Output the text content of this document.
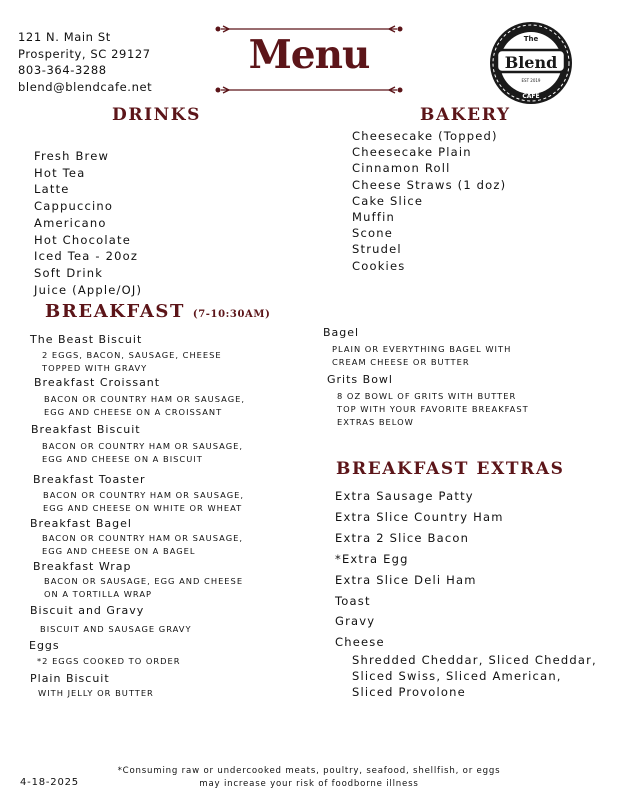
121 N. Main St
Prosperity, SC 29127
803-364-3288
blend@blendcafe.net
Menu	The
Blend
EST 2019
CAFE
DRINKS
Fresh Brew
Hot Tea
Latte
Cappuccino
Americano
Hot Chocolate
Iced Tea - 20oz
Soft Drink
Juice (Apple/OJ)
BAKERY
Cheesecake (Topped)
Cheesecake Plain
Cinnamon Roll
Cheese Straws (1 doz)
Cake Slice
Muffin
Scone
Strudel
Cookies
BREAKFAST (7-10:30AM)
The Beast Biscuit
2 EGGS, BACON, SAUSAGE, CHEESE
TOPPED WITH GRAVY
Breakfast Croissant
BACON OR COUNTRY HAM OR SAUSAGE,
EGG AND CHEESE ON A CROISSANT
Breakfast Biscuit
BACON OR COUNTRY HAM OR SAUSAGE,
EGG AND CHEESE ON A BISCUIT
Breakfast Toaster
BACON OR COUNTRY HAM OR SAUSAGE,
EGG AND CHEESE ON WHITE OR WHEAT
Breakfast Bagel
BACON OR COUNTRY HAM OR SAUSAGE,
EGG AND CHEESE ON A BAGEL
Breakfast Wrap
BACON OR SAUSAGE, EGG AND CHEESE
ON A TORTILLA WRAP
Biscuit and Gravy
BISCUIT AND SAUSAGE GRAVY
Eggs
*2 EGGS COOKED TO ORDER
Plain Biscuit
WITH JELLY OR BUTTER
Bagel
PLAIN OR EVERYTHING BAGEL WITH
CREAM CHEESE OR BUTTER
Grits Bowl
8 OZ BOWL OF GRITS WITH BUTTER
TOP WITH YOUR FAVORITE BREAKFAST
EXTRAS BELOW
BREAKFAST EXTRAS
Extra Sausage Patty
Extra Slice Country Ham
Extra 2 Slice Bacon
*Extra Egg
Extra Slice Deli Ham
Toast
Gravy
Cheese
Shredded Cheddar, Sliced Cheddar,
Sliced Swiss, Sliced American,
Sliced Provolone
*Consuming raw or undercooked meats, poultry, seafood, shellfish, or eggs
may increase your risk of foodborne illness
4-18-2025
